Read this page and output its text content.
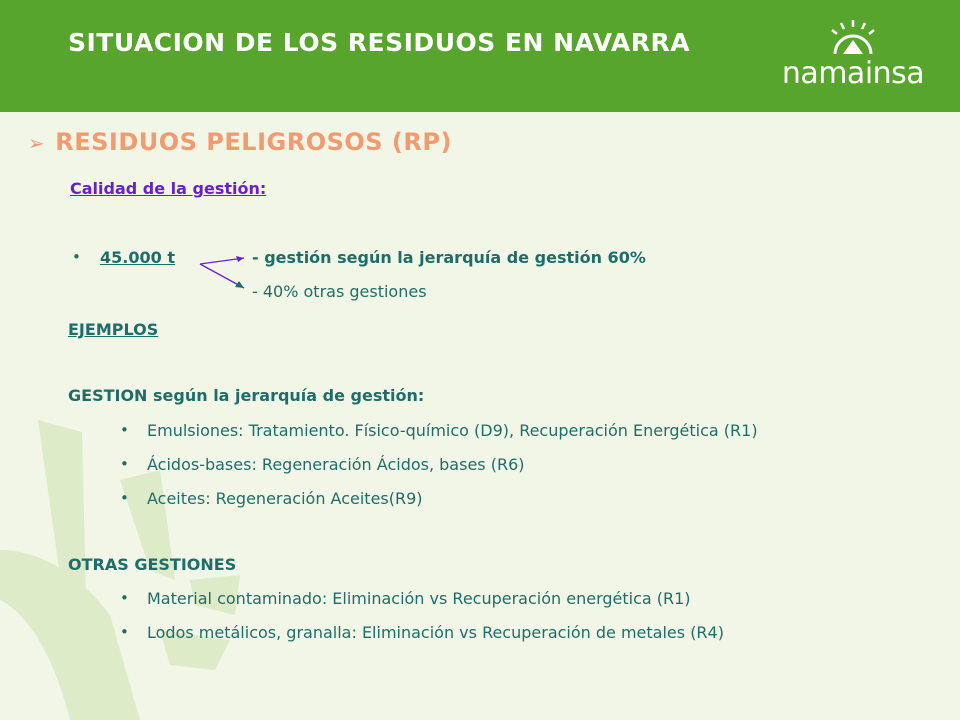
SITUACION DE LOS RESIDUOS EN NAVARRA
namainsa
➢ RESIDUOS PELIGROSOS (RP)
Calidad de la gestión:
• 45.000 t	- gestión según la jerarquía de gestión 60%
- 40% otras gestiones
EJEMPLOS
GESTION según la jerarquía de gestión:
• Emulsiones: Tratamiento. Físico-químico (D9), Recuperación Energética (R1)
• Ácidos-bases: Regeneración Ácidos, bases (R6)
• Aceites: Regeneración Aceites(R9)
OTRAS GESTIONES
• Material contaminado: Eliminación vs Recuperación energética (R1)
• Lodos metálicos, granalla: Eliminación vs Recuperación de metales (R4)
